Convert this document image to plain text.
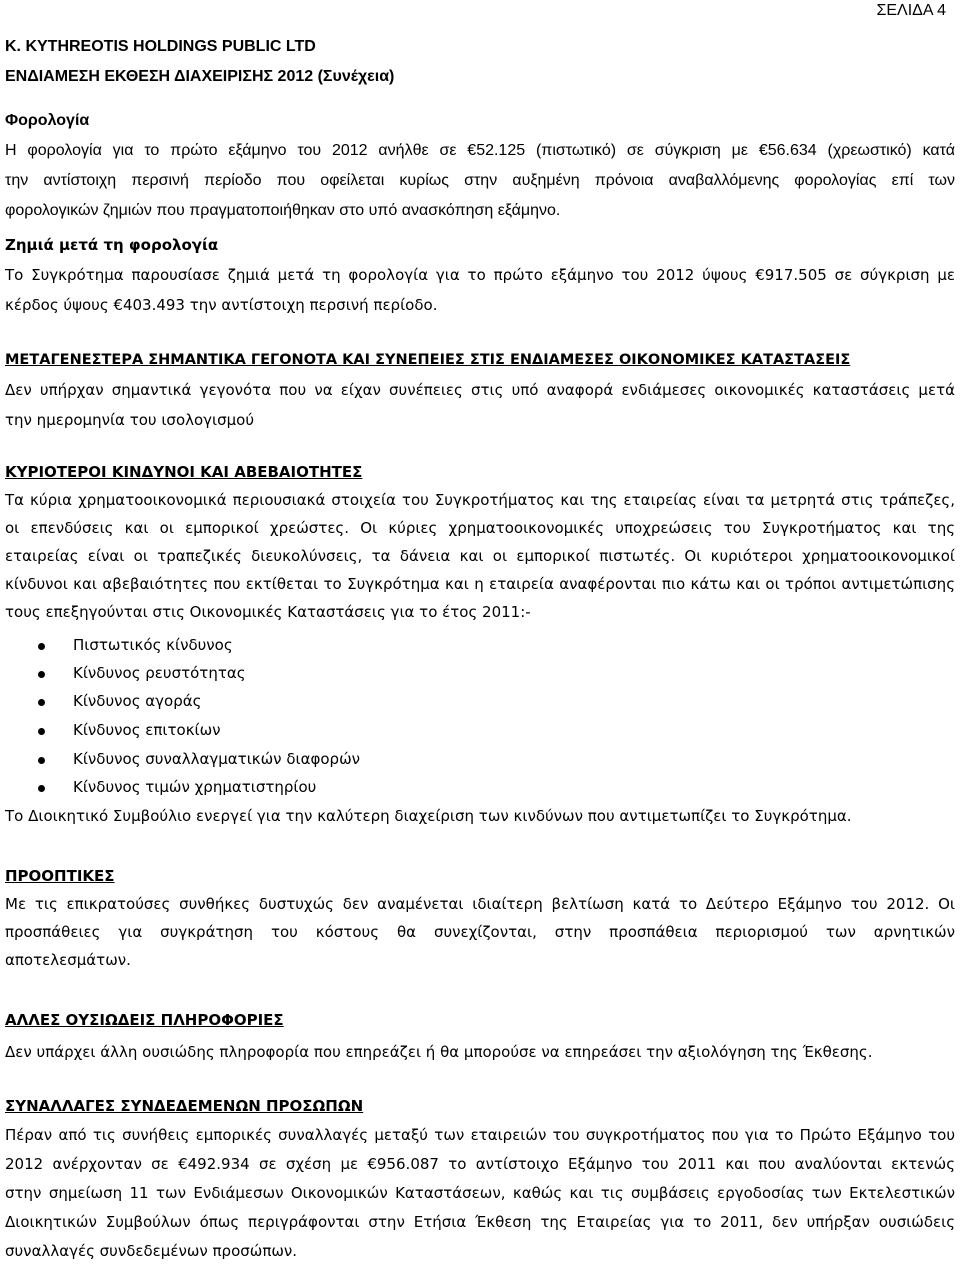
ΣΕΛΙΔΑ 4
K. KYTHREOTIS HOLDINGS PUBLIC LTD
ΕΝΔΙΑΜΕΣΗ ΕΚΘΕΣΗ ΔΙΑΧΕΙΡΙΣΗΣ 2012 (Συνέχεια)
Φορολογία
Η φορολογία για το πρώτο εξάμηνο του 2012 ανήλθε σε €52.125 (πιστωτικό) σε σύγκριση με €56.634 (χρεωστικό) κατά
την αντίστοιχη περσινή περίοδο που οφείλεται κυρίως στην αυξημένη πρόνοια αναβαλλόμενης φορολογίας επί των
φορολογικών ζημιών που πραγματοποιήθηκαν στο υπό ανασκόπηση εξάμηνο.
Ζημιά μετά τη φορολογία
Το Συγκρότημα παρουσίασε ζημιά μετά τη φορολογία για το πρώτο εξάμηνο του 2012 ύψους €917.505 σε σύγκριση με
κέρδος ύψους €403.493 την αντίστοιχη περσινή περίοδο.
ΜΕΤΑΓΕΝΕΣΤΕΡΑ ΣΗΜΑΝΤΙΚΑ ΓΕΓΟΝΟΤΑ ΚΑΙ ΣΥΝΕΠΕΙΕΣ ΣΤΙΣ ΕΝΔΙΑΜΕΣΕΣ ΟΙΚΟΝΟΜΙΚΕΣ ΚΑΤΑΣΤΑΣΕΙΣ
Δεν υπήρχαν σημαντικά γεγονότα που να είχαν συνέπειες στις υπό αναφορά ενδιάμεσες οικονομικές καταστάσεις μετά
την ημερομηνία του ισολογισμού
ΚΥΡΙΟΤΕΡΟΙ ΚΙΝΔΥΝΟΙ ΚΑΙ ΑΒΕΒΑΙΟΤΗΤΕΣ
Τα κύρια χρηματοοικονομικά περιουσιακά στοιχεία του Συγκροτήματος και της εταιρείας είναι τα μετρητά στις τράπεζες,
οι επενδύσεις και οι εμπορικοί χρεώστες. Οι κύριες χρηματοοικονομικές υποχρεώσεις του Συγκροτήματος και της
εταιρείας είναι οι τραπεζικές διευκολύνσεις, τα δάνεια και οι εμπορικοί πιστωτές. Οι κυριότεροι χρηματοοικονομικοί
κίνδυνοι και αβεβαιότητες που εκτίθεται το Συγκρότημα και η εταιρεία αναφέρονται πιο κάτω και οι τρόποι αντιμετώπισης
τους επεξηγούνται στις Οικονομικές Καταστάσεις για το έτος 2011:-
Πιστωτικός κίνδυνος
Κίνδυνος ρευστότητας
Κίνδυνος αγοράς
Κίνδυνος επιτοκίων
Κίνδυνος συναλλαγματικών διαφορών
Κίνδυνος τιμών χρηματιστηρίου
Το Διοικητικό Συμβούλιο ενεργεί για την καλύτερη διαχείριση των κινδύνων που αντιμετωπίζει το Συγκρότημα.
ΠΡΟΟΠΤΙΚΕΣ
Με τις επικρατούσες συνθήκες δυστυχώς δεν αναμένεται ιδιαίτερη βελτίωση κατά το Δεύτερο Εξάμηνο του 2012. Οι
προσπάθειες για συγκράτηση του κόστους θα συνεχίζονται, στην προσπάθεια περιορισμού των αρνητικών
αποτελεσμάτων.
ΑΛΛΕΣ ΟΥΣΙΩΔΕΙΣ ΠΛΗΡΟΦΟΡΙΕΣ
Δεν υπάρχει άλλη ουσιώδης πληροφορία που επηρεάζει ή θα μπορούσε να επηρεάσει την αξιολόγηση της Έκθεσης.
ΣΥΝΑΛΛΑΓΕΣ ΣΥΝΔΕΔΕΜΕΝΩΝ ΠΡΟΣΩΠΩΝ
Πέραν από τις συνήθεις εμπορικές συναλλαγές μεταξύ των εταιρειών του συγκροτήματος που για το Πρώτο Εξάμηνο του
2012 ανέρχονταν σε €492.934 σε σχέση με €956.087 το αντίστοιχο Εξάμηνο του 2011 και που αναλύονται εκτενώς
στην σημείωση 11 των Ενδιάμεσων Οικονομικών Καταστάσεων, καθώς και τις συμβάσεις εργοδοσίας των Εκτελεστικών
Διοικητικών Συμβούλων όπως περιγράφονται στην Ετήσια Έκθεση της Εταιρείας για το 2011, δεν υπήρξαν ουσιώδεις
συναλλαγές συνδεδεμένων προσώπων.
